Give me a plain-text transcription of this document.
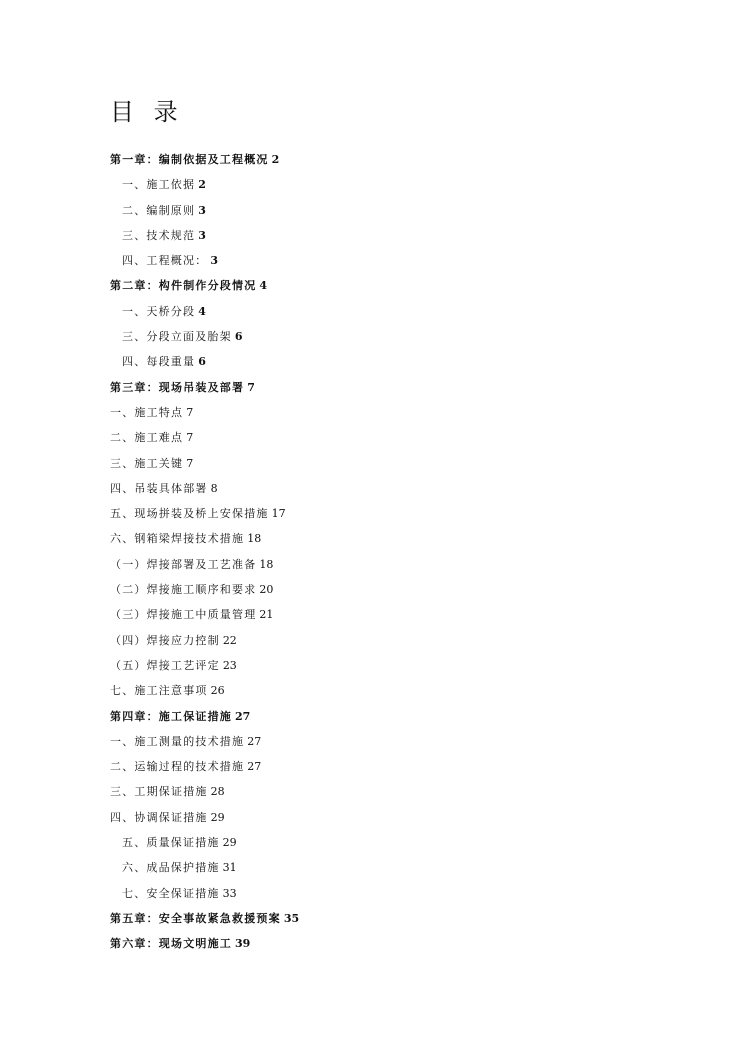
目 录
第一章：编制依据及工程概况 2
一、施工依据 2
二、编制原则 3
三、技术规范 3
四、工程概况： 3
第二章：构件制作分段情况 4
一、天桥分段 4
三、分段立面及胎架 6
四、每段重量 6
第三章：现场吊装及部署 7
一、施工特点 7
二、施工难点 7
三、施工关键 7
四、吊装具体部署 8
五、现场拼装及桥上安保措施 17
六、钢箱梁焊接技术措施 18
（一）焊接部署及工艺准备 18
（二）焊接施工顺序和要求 20
（三）焊接施工中质量管理 21
（四）焊接应力控制 22
（五）焊接工艺评定 23
七、施工注意事项 26
第四章：施工保证措施 27
一、施工测量的技术措施 27
二、运输过程的技术措施 27
三、工期保证措施 28
四、协调保证措施 29
五、质量保证措施 29
六、成品保护措施 31
七、安全保证措施 33
第五章：安全事故紧急救援预案 35
第六章：现场文明施工 39
